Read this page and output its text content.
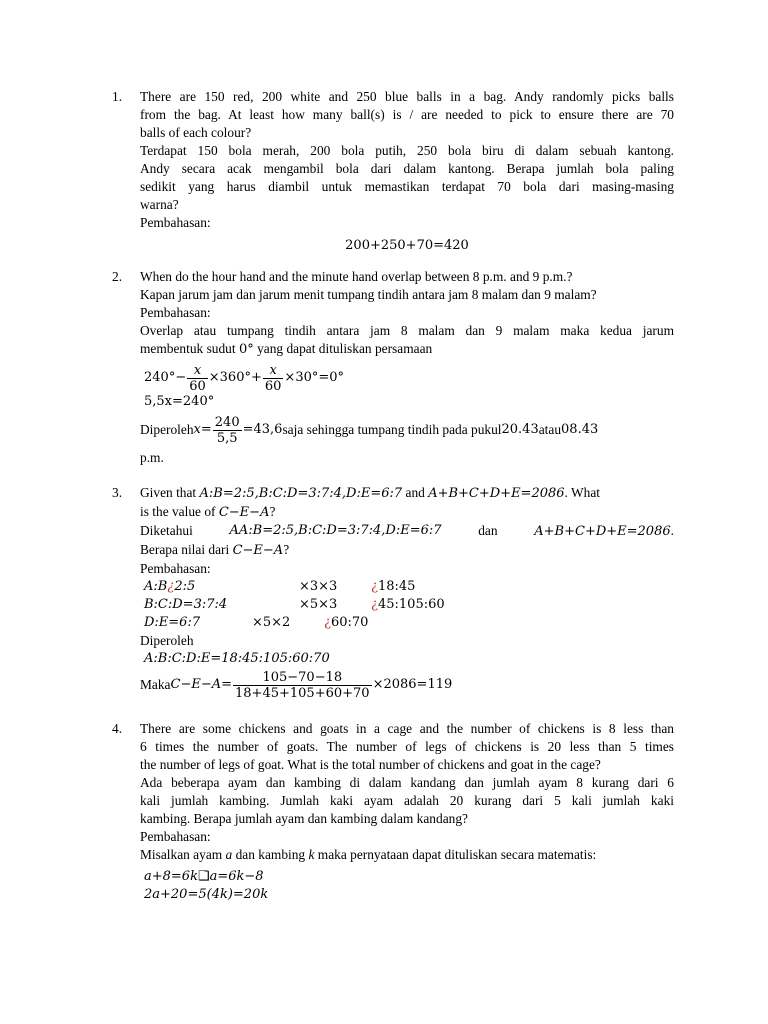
1.	There are 150 red, 200 white and 250 blue balls in a bag. Andy randomly picks balls
from the bag. At least how many ball(s) is / are needed to pick to ensure there are 70
balls of each colour?
Terdapat 150 bola merah, 200 bola putih, 250 bola biru di dalam sebuah kantong.
Andy secara acak mengambil bola dari dalam kantong. Berapa jumlah bola paling
sedikit yang harus diambil untuk memastikan terdapat 70 bola dari masing-masing
warna?
Pembahasan:
200+250+70=420
2.	When do the hour hand and the minute hand overlap between 8 p.m. and 9 p.m.?
Kapan jarum jam dan jarum menit tumpang tindih antara jam 8 malam dan 9 malam?
Pembahasan:
Overlap atau tumpang tindih antara jam 8 malam dan 9 malam maka kedua jarum
membentuk sudut 0° yang dapat dituliskan persamaan
$240^\circ- \frac{x}{60} \times 360^\circ+ \frac{x}{60} \times 30^\circ=0^\circ$
5,5x=240°
Diperoleh $x= \frac{240}{5,5} =43,6$ saja sehingga tumpang tindih pada pukul 20.43 atau 08.43
p.m.
3.	Given that A:B=2:5,B:C:D=3:7:4,D:E=6:7 and A+B+C+D+E=2086. What
is the value of C−E−A?
Diketahui	AA:B=2:5,B:C:D=3:7:4,D:E=6:7	dan	A+B+C+D+E=2086.
Berapa nilai dari C−E−A?
Pembahasan:
A:B¿2:5	×3×3	¿18:45
B:C:D=3:7:4	×5×3	¿45:105:60
D:E=6:7	×5×2	¿60:70
Diperoleh
A:B:C:D:E=18:45:105:60:70
Maka $C-E-A= \frac{105-70-18}{18+45+105+60+70} \times 2086=119$
4.	There are some chickens and goats in a cage and the number of chickens is 8 less than
6 times the number of goats. The number of legs of chickens is 20 less than 5 times
the number of legs of goat. What is the total number of chickens and goat in the cage?
Ada beberapa ayam dan kambing di dalam kandang dan jumlah ayam 8 kurang dari 6
kali jumlah kambing. Jumlah kaki ayam adalah 20 kurang dari 5 kali jumlah kaki
kambing. Berapa jumlah ayam dan kambing dalam kandang?
Pembahasan:
Misalkan ayam a dan kambing k maka pernyataan dapat dituliskan secara matematis:
a+8=6k❑̄a=6k−8
2a+20=5(4k)=20k
